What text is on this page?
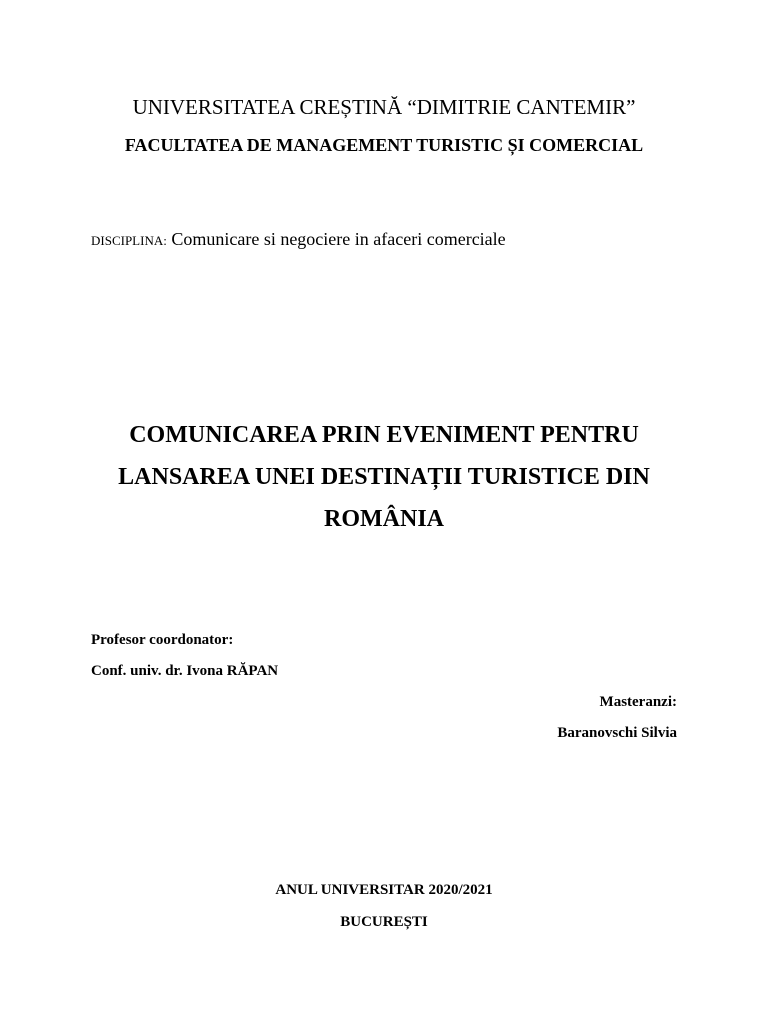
UNIVERSITATEA CREȘTINĂ “DIMITRIE CANTEMIR”
FACULTATEA DE MANAGEMENT TURISTIC ȘI COMERCIAL
DISCIPLINA: Comunicare si negociere in afaceri comerciale
COMUNICAREA PRIN EVENIMENT PENTRU
LANSAREA UNEI DESTINAȚII TURISTICE DIN
ROMÂNIA
Profesor coordonator:
Conf. univ. dr. Ivona RĂPAN
Masteranzi:
Baranovschi Silvia
ANUL UNIVERSITAR 2020/2021
BUCUREȘTI
